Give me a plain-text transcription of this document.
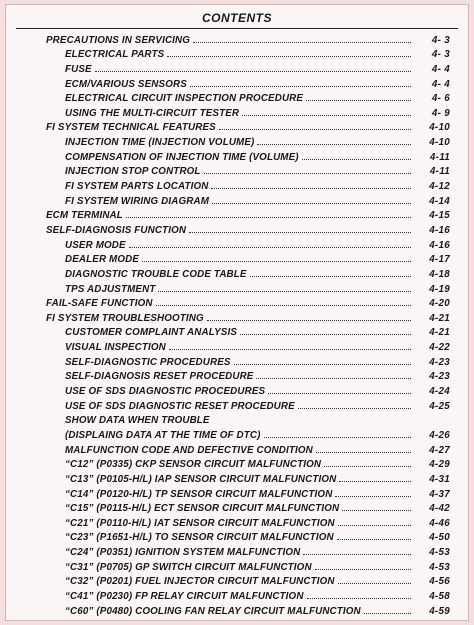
CONTENTS
PRECAUTIONS IN SERVICING	4- 3
ELECTRICAL PARTS	4- 3
FUSE	4- 4
ECM/VARIOUS SENSORS	4- 4
ELECTRICAL CIRCUIT INSPECTION PROCEDURE	4- 6
USING THE MULTI-CIRCUIT TESTER	4- 9
FI SYSTEM TECHNICAL FEATURES	4-10
INJECTION TIME (INJECTION VOLUME)	4-10
COMPENSATION OF INJECTION TIME (VOLUME)	4-11
INJECTION STOP CONTROL	4-11
FI SYSTEM PARTS LOCATION	4-12
FI SYSTEM WIRING DIAGRAM	4-14
ECM TERMINAL	4-15
SELF-DIAGNOSIS FUNCTION	4-16
USER MODE	4-16
DEALER MODE	4-17
DIAGNOSTIC TROUBLE CODE TABLE	4-18
TPS ADJUSTMENT	4-19
FAIL-SAFE FUNCTION	4-20
FI SYSTEM TROUBLESHOOTING	4-21
CUSTOMER COMPLAINT ANALYSIS	4-21
VISUAL INSPECTION	4-22
SELF-DIAGNOSTIC PROCEDURES	4-23
SELF-DIAGNOSIS RESET PROCEDURE	4-23
USE OF SDS DIAGNOSTIC PROCEDURES	4-24
USE OF SDS DIAGNOSTIC RESET PROCEDURE	4-25
SHOW DATA WHEN TROUBLE
(DISPLAING DATA AT THE TIME OF DTC)	4-26
MALFUNCTION CODE AND DEFECTIVE CONDITION	4-27
“C12” (P0335) CKP SENSOR CIRCUIT MALFUNCTION	4-29
“C13” (P0105-H/L) IAP SENSOR CIRCUIT MALFUNCTION	4-31
“C14” (P0120-H/L) TP SENSOR CIRCUIT MALFUNCTION	4-37
“C15” (P0115-H/L) ECT SENSOR CIRCUIT MALFUNCTION	4-42
“C21” (P0110-H/L) IAT SENSOR CIRCUIT MALFUNCTION	4-46
“C23” (P1651-H/L) TO SENSOR CIRCUIT MALFUNCTION	4-50
“C24” (P0351) IGNITION SYSTEM MALFUNCTION	4-53
“C31” (P0705) GP SWITCH CIRCUIT MALFUNCTION	4-53
“C32” (P0201) FUEL INJECTOR CIRCUIT MALFUNCTION	4-56
“C41” (P0230) FP RELAY CIRCUIT MALFUNCTION	4-58
“C60” (P0480) COOLING FAN RELAY CIRCUIT MALFUNCTION	4-59
